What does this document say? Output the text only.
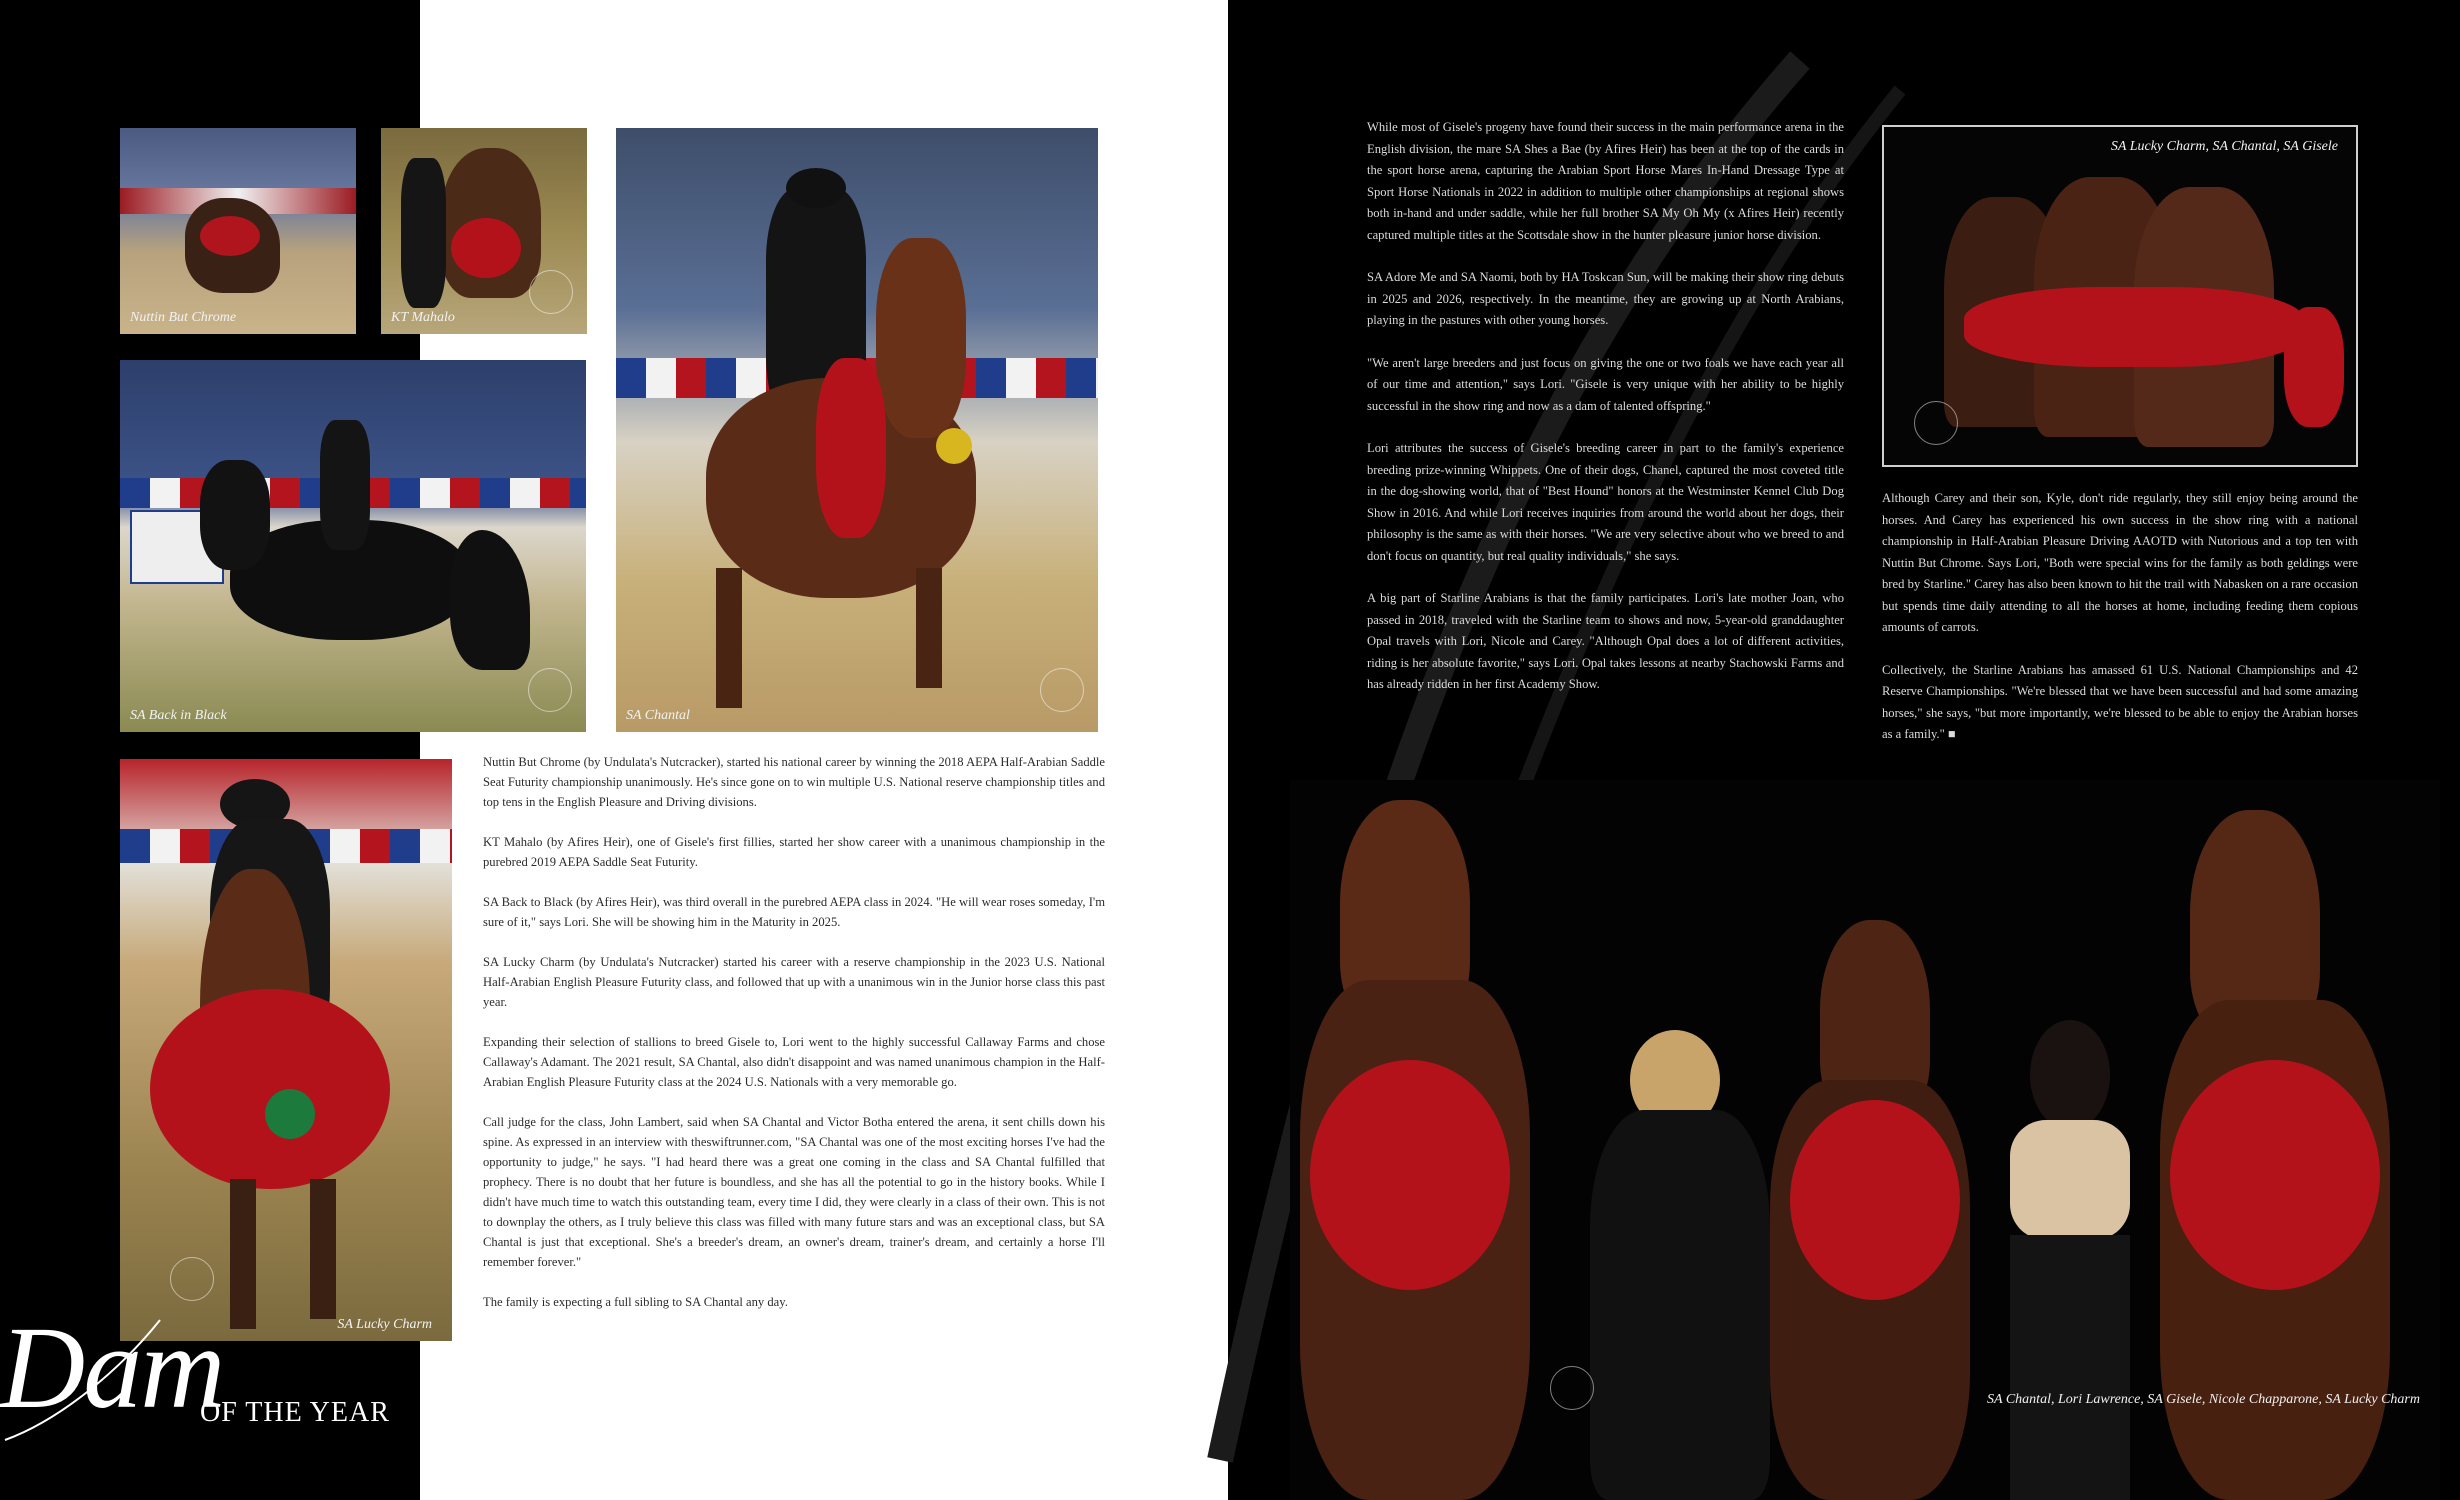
Nuttin But Chrome	KT Mahalo
SA Chantal
SA Back in Black
SA Lucky Charm

Nuttin But Chrome (by Undulata's Nutcracker), started his national career by winning the 2018 AEPA Half-Arabian Saddle Seat Futurity championship unanimously. He's since gone on to win multiple U.S. National reserve championship titles and top tens in the English Pleasure and Driving divisions.

KT Mahalo (by Afires Heir), one of Gisele's first fillies, started her show career with a unanimous championship in the purebred 2019 AEPA Saddle Seat Futurity.

SA Back to Black (by Afires Heir), was third overall in the purebred AEPA class in 2024. "He will wear roses someday, I'm sure of it," says Lori. She will be showing him in the Maturity in 2025.

SA Lucky Charm (by Undulata's Nutcracker) started his career with a reserve championship in the 2023 U.S. National Half-Arabian English Pleasure Futurity class, and followed that up with a unanimous win in the Junior horse class this past year.

Expanding their selection of stallions to breed Gisele to, Lori went to the highly successful Callaway Farms and chose Callaway's Adamant. The 2021 result, SA Chantal, also didn't disappoint and was named unanimous champion in the Half-Arabian English Pleasure Futurity class at the 2024 U.S. Nationals with a very memorable go.

Call judge for the class, John Lambert, said when SA Chantal and Victor Botha entered the arena, it sent chills down his spine. As expressed in an interview with theswiftrunner.com, "SA Chantal was one of the most exciting horses I've had the opportunity to judge," he says. "I had heard there was a great one coming in the class and SA Chantal fulfilled that prophecy. There is no doubt that her future is boundless, and she has all the potential to go in the history books. While I didn't have much time to watch this outstanding team, every time I did, they were clearly in a class of their own. This is not to downplay the others, as I truly believe this class was filled with many future stars and was an exceptional class, but SA Chantal is just that exceptional. She's a breeder's dream, an owner's dream, trainer's dream, and certainly a horse I'll remember forever."

The family is expecting a full sibling to SA Chantal any day.

Dam
OF THE YEAR

While most of Gisele's progeny have found their success in the main performance arena in the English division, the mare SA Shes a Bae (by Afires Heir) has been at the top of the cards in the sport horse arena, capturing the Arabian Sport Horse Mares In-Hand Dressage Type at Sport Horse Nationals in 2022 in addition to multiple other championships at regional shows both in-hand and under saddle, while her full brother SA My Oh My (x Afires Heir) recently captured multiple titles at the Scottsdale show in the hunter pleasure junior horse division.

SA Adore Me and SA Naomi, both by HA Toskcan Sun, will be making their show ring debuts in 2025 and 2026, respectively. In the meantime, they are growing up at North Arabians, playing in the pastures with other young horses.

"We aren't large breeders and just focus on giving the one or two foals we have each year all of our time and attention," says Lori. "Gisele is very unique with her ability to be highly successful in the show ring and now as a dam of talented offspring."

Lori attributes the success of Gisele's breeding career in part to the family's experience breeding prize-winning Whippets. One of their dogs, Chanel, captured the most coveted title in the dog-showing world, that of "Best Hound" honors at the Westminster Kennel Club Dog Show in 2016. And while Lori receives inquiries from around the world about her dogs, their philosophy is the same as with their horses. "We are very selective about who we breed to and don't focus on quantity, but real quality individuals," she says.

A big part of Starline Arabians is that the family participates. Lori's late mother Joan, who passed in 2018, traveled with the Starline team to shows and now, 5-year-old granddaughter Opal travels with Lori, Nicole and Carey. "Although Opal does a lot of different activities, riding is her absolute favorite," says Lori. Opal takes lessons at nearby Stachowski Farms and has already ridden in her first Academy Show.

SA Lucky Charm, SA Chantal, SA Gisele

Although Carey and their son, Kyle, don't ride regularly, they still enjoy being around the horses. And Carey has experienced his own success in the show ring with a national championship in Half-Arabian Pleasure Driving AAOTD with Nutorious and a top ten with Nuttin But Chrome. Says Lori, "Both were special wins for the family as both geldings were bred by Starline." Carey has also been known to hit the trail with Nabasken on a rare occasion but spends time daily attending to all the horses at home, including feeding them copious amounts of carrots.

Collectively, the Starline Arabians has amassed 61 U.S. National Championships and 42 Reserve Championships. "We're blessed that we have been successful and had some amazing horses," she says, "but more importantly, we're blessed to be able to enjoy the Arabian horses as a family." ■

SA Chantal, Lori Lawrence, SA Gisele, Nicole Chapparone, SA Lucky Charm
